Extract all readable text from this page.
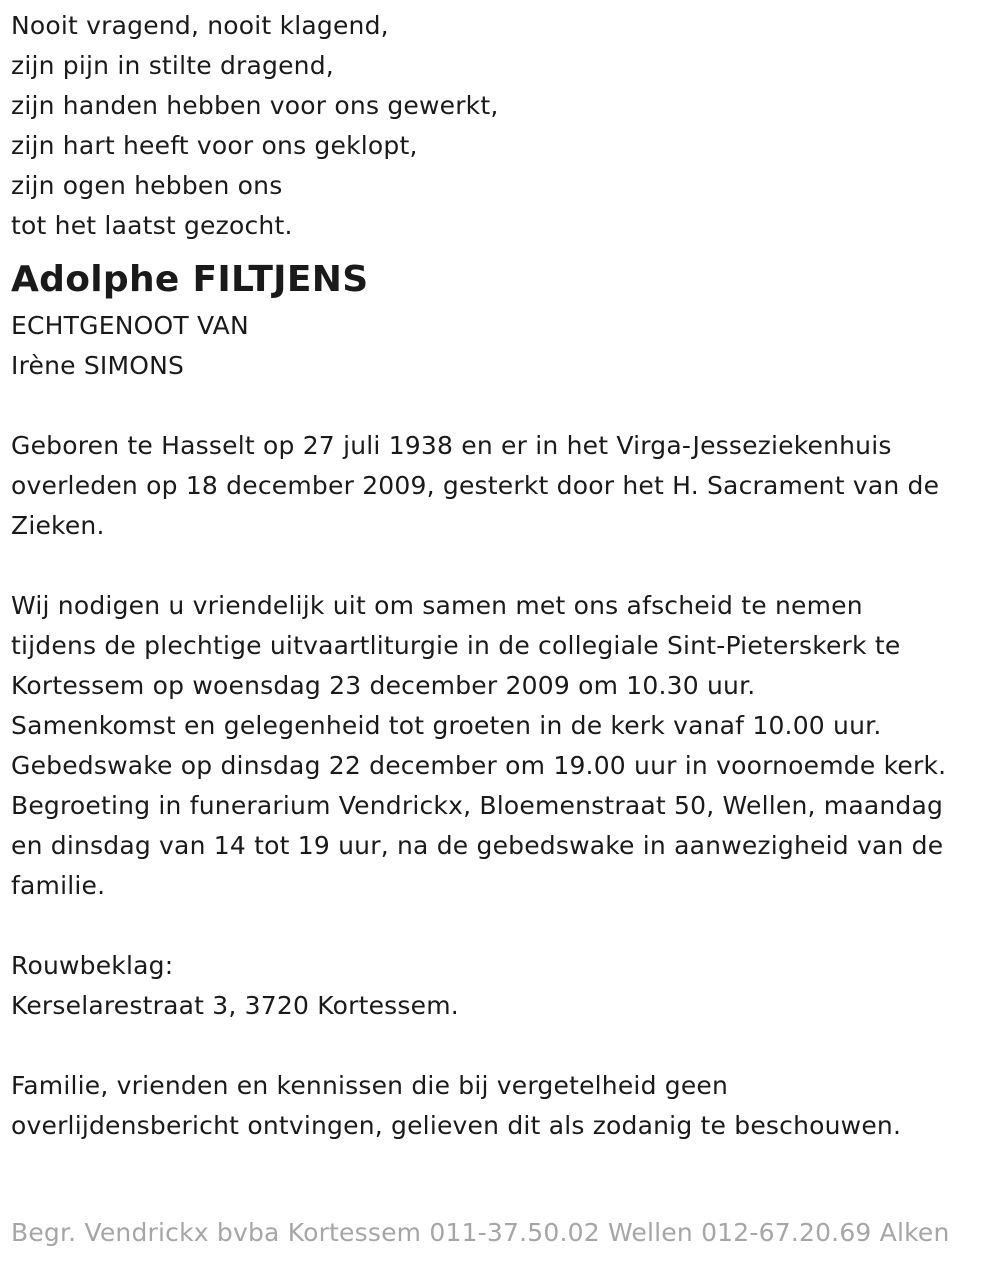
Nooit vragend, nooit klagend,
zijn pijn in stilte dragend,
zijn handen hebben voor ons gewerkt,
zijn hart heeft voor ons geklopt,
zijn ogen hebben ons
tot het laatst gezocht.
Adolphe FILTJENS
ECHTGENOOT VAN
Irène SIMONS
Geboren te Hasselt op 27 juli 1938 en er in het Virga-Jesseziekenhuis
overleden op 18 december 2009, gesterkt door het H. Sacrament van de
Zieken.
Wij nodigen u vriendelijk uit om samen met ons afscheid te nemen
tijdens de plechtige uitvaartliturgie in de collegiale Sint-Pieterskerk te
Kortessem op woensdag 23 december 2009 om 10.30 uur.
Samenkomst en gelegenheid tot groeten in de kerk vanaf 10.00 uur.
Gebedswake op dinsdag 22 december om 19.00 uur in voornoemde kerk.
Begroeting in funerarium Vendrickx, Bloemenstraat 50, Wellen, maandag
en dinsdag van 14 tot 19 uur, na de gebedswake in aanwezigheid van de
familie.
Rouwbeklag:
Kerselarestraat 3, 3720 Kortessem.
Familie, vrienden en kennissen die bij vergetelheid geen
overlijdensbericht ontvingen, gelieven dit als zodanig te beschouwen.
Begr. Vendrickx bvba Kortessem 011-37.50.02 Wellen 012-67.20.69 Alken
